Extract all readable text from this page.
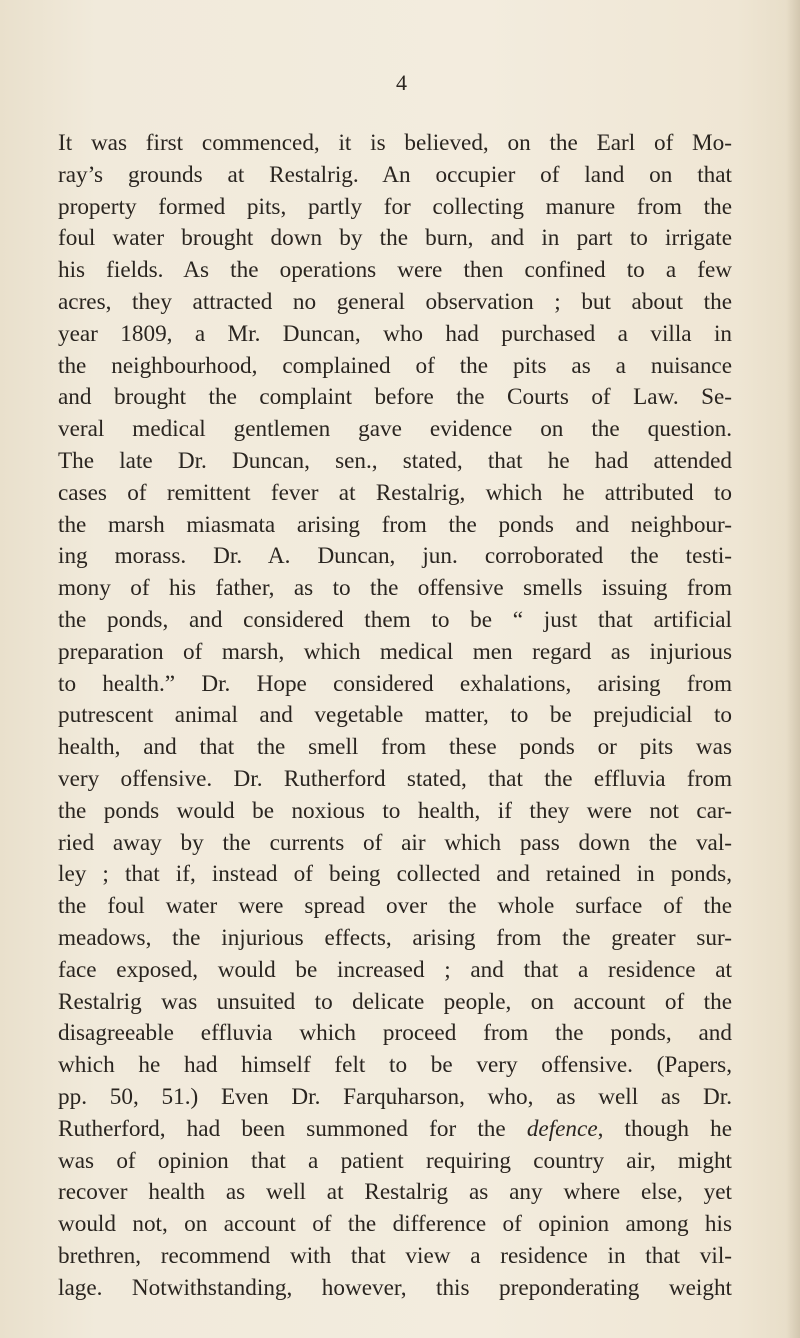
4
It was first commenced, it is believed, on the Earl of Mo-
ray’s grounds at Restalrig. An occupier of land on that
property formed pits, partly for collecting manure from the
foul water brought down by the burn, and in part to irrigate
his fields. As the operations were then confined to a few
acres, they attracted no general observation ; but about the
year 1809, a Mr. Duncan, who had purchased a villa in
the neighbourhood, complained of the pits as a nuisance
and brought the complaint before the Courts of Law. Se-
veral medical gentlemen gave evidence on the question.
The late Dr. Duncan, sen., stated, that he had attended
cases of remittent fever at Restalrig, which he attributed to
the marsh miasmata arising from the ponds and neighbour-
ing morass. Dr. A. Duncan, jun. corroborated the testi-
mony of his father, as to the offensive smells issuing from
the ponds, and considered them to be “ just that artificial
preparation of marsh, which medical men regard as injurious
to health.” Dr. Hope considered exhalations, arising from
putrescent animal and vegetable matter, to be prejudicial to
health, and that the smell from these ponds or pits was
very offensive. Dr. Rutherford stated, that the effluvia from
the ponds would be noxious to health, if they were not car-
ried away by the currents of air which pass down the val-
ley ; that if, instead of being collected and retained in ponds,
the foul water were spread over the whole surface of the
meadows, the injurious effects, arising from the greater sur-
face exposed, would be increased ; and that a residence at
Restalrig was unsuited to delicate people, on account of the
disagreeable effluvia which proceed from the ponds, and
which he had himself felt to be very offensive. (Papers,
pp. 50, 51.) Even Dr. Farquharson, who, as well as Dr.
Rutherford, had been summoned for the defence, though he
was of opinion that a patient requiring country air, might
recover health as well at Restalrig as any where else, yet
would not, on account of the difference of opinion among his
brethren, recommend with that view a residence in that vil-
lage. Notwithstanding, however, this preponderating weight
